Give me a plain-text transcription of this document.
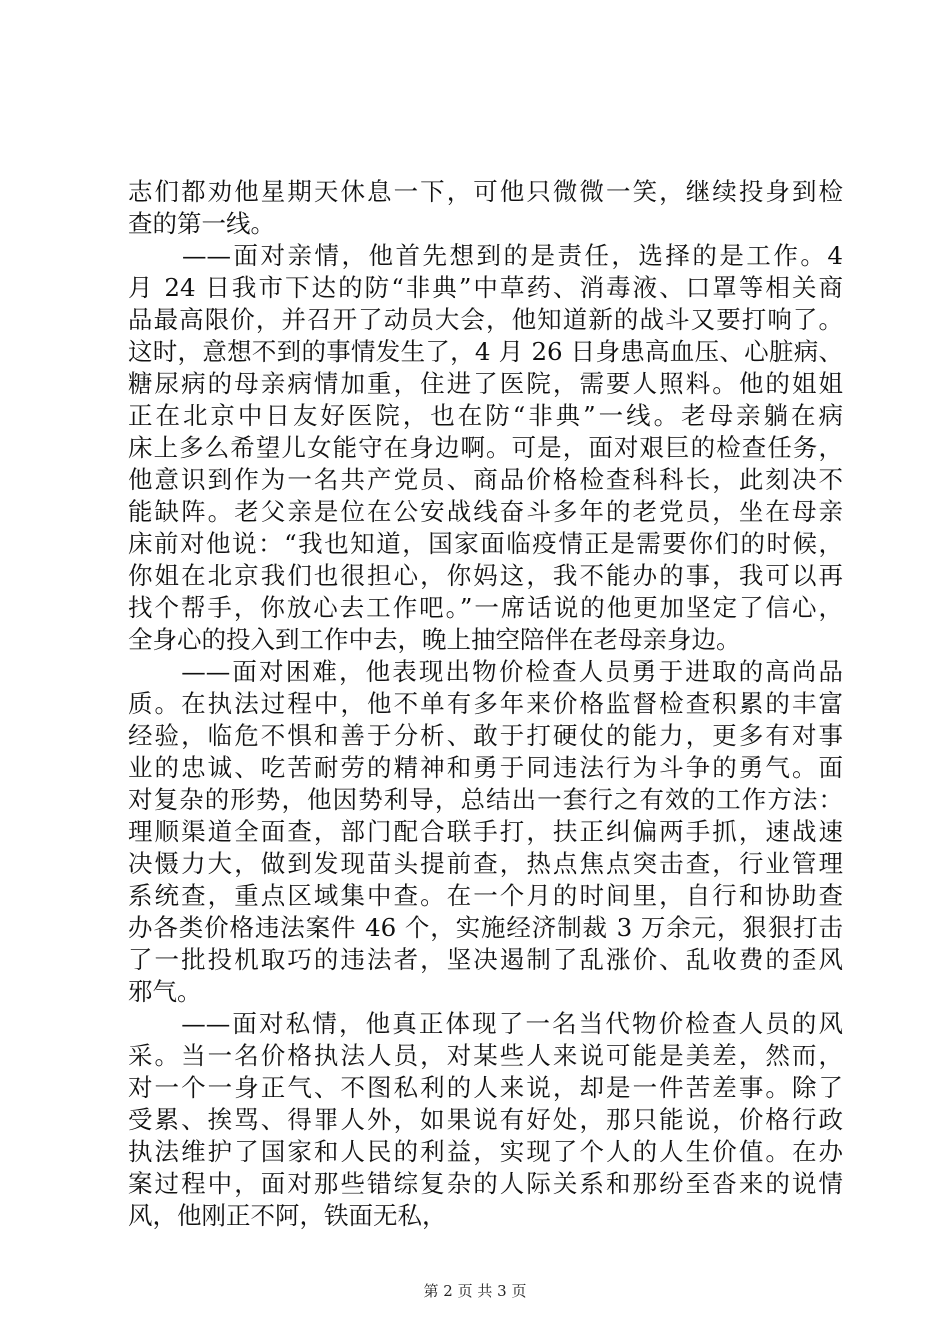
志们都劝他星期天休息一下，可他只微微一笑，继续投身到检
查的第一线。
　　——面对亲情，他首先想到的是责任，选择的是工作。4
月 24 日我市下达的防“非典”中草药、消毒液、口罩等相关商
品最高限价，并召开了动员大会，他知道新的战斗又要打响了。
这时，意想不到的事情发生了，4 月 26 日身患高血压、心脏病、
糖尿病的母亲病情加重，住进了医院，需要人照料。他的姐姐
正在北京中日友好医院，也在防“非典”一线。老母亲躺在病
床上多么希望儿女能守在身边啊。可是，面对艰巨的检查任务，
他意识到作为一名共产党员、商品价格检查科科长，此刻决不
能缺阵。老父亲是位在公安战线奋斗多年的老党员，坐在母亲
床前对他说：“我也知道，国家面临疫情正是需要你们的时候，
你姐在北京我们也很担心，你妈这，我不能办的事，我可以再
找个帮手，你放心去工作吧。”一席话说的他更加坚定了信心，
全身心的投入到工作中去，晚上抽空陪伴在老母亲身边。
　　——面对困难，他表现出物价检查人员勇于进取的高尚品
质。在执法过程中，他不单有多年来价格监督检查积累的丰富
经验，临危不惧和善于分析、敢于打硬仗的能力，更多有对事
业的忠诚、吃苦耐劳的精神和勇于同违法行为斗争的勇气。面
对复杂的形势，他因势利导，总结出一套行之有效的工作方法：
理顺渠道全面查，部门配合联手打，扶正纠偏两手抓，速战速
决慑力大，做到发现苗头提前查，热点焦点突击查，行业管理
系统查，重点区域集中查。在一个月的时间里，自行和协助查
办各类价格违法案件 46 个，实施经济制裁 3 万余元，狠狠打击
了一批投机取巧的违法者，坚决遏制了乱涨价、乱收费的歪风
邪气。
　　——面对私情，他真正体现了一名当代物价检查人员的风
采。当一名价格执法人员，对某些人来说可能是美差，然而，
对一个一身正气、不图私利的人来说，却是一件苦差事。除了
受累、挨骂、得罪人外，如果说有好处，那只能说，价格行政
执法维护了国家和人民的利益，实现了个人的人生价值。在办
案过程中，面对那些错综复杂的人际关系和那纷至沓来的说情
风，他刚正不阿，铁面无私，
第 2 页 共 3 页
